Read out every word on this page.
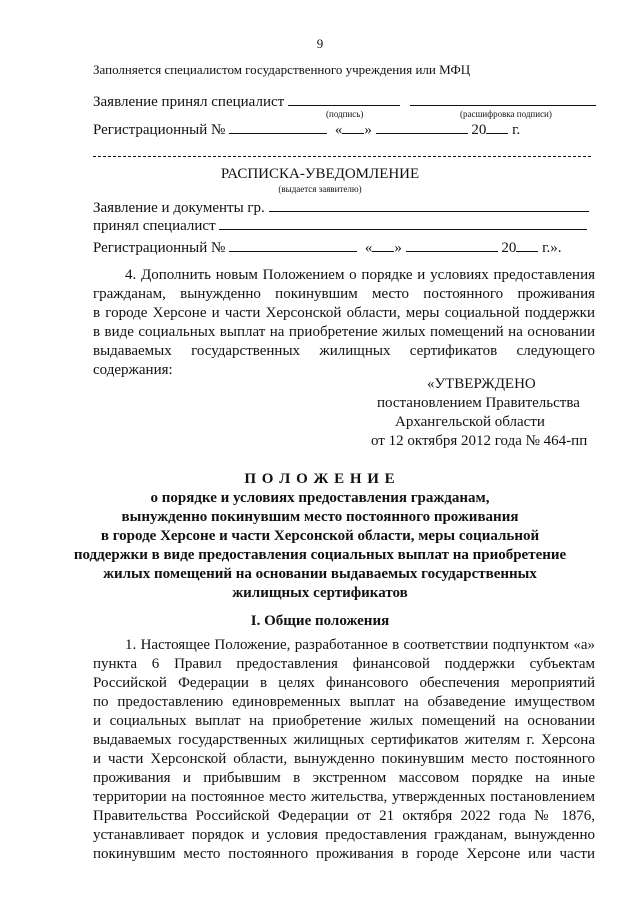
9
Заполняется специалистом государственного учреждения или МФЦ
Заявление принял специалист
(подпись)	(расшифровка подписи)
Регистрационный №	« »	20 г.
РАСПИСКА-УВЕДОМЛЕНИЕ
(выдается заявителю)
Заявление и документы гр.
принял специалист
Регистрационный №	« »	20 г.».
4. Дополнить новым Положением о порядке и условиях предоставления
гражданам, вынужденно покинувшим место постоянного проживания
в городе Херсоне и части Херсонской области, меры социальной поддержки
в виде социальных выплат на приобретение жилых помещений на основании
выдаваемых государственных жилищных сертификатов следующего
содержания:
«УТВЕРЖДЕНО
постановлением Правительства
Архангельской области
от 12 октября 2012 года № 464-пп
П О Л О Ж Е Н И Е
о порядке и условиях предоставления гражданам,
вынужденно покинувшим место постоянного проживания
в городе Херсоне и части Херсонской области, меры социальной
поддержки в виде предоставления социальных выплат на приобретение
жилых помещений на основании выдаваемых государственных
жилищных сертификатов
I. Общие положения
1. Настоящее Положение, разработанное в соответствии подпунктом «а»
пункта 6 Правил предоставления финансовой поддержки субъектам
Российской Федерации в целях финансового обеспечения мероприятий
по предоставлению единовременных выплат на обзаведение имуществом
и социальных выплат на приобретение жилых помещений на основании
выдаваемых государственных жилищных сертификатов жителям г. Херсона
и части Херсонской области, вынужденно покинувшим место постоянного
проживания и прибывшим в экстренном массовом порядке на иные
территории на постоянное место жительства, утвержденных постановлением
Правительства Российской Федерации от 21 октября 2022 года № 1876,
устанавливает порядок и условия предоставления гражданам, вынужденно
покинувшим место постоянного проживания в городе Херсоне или части
